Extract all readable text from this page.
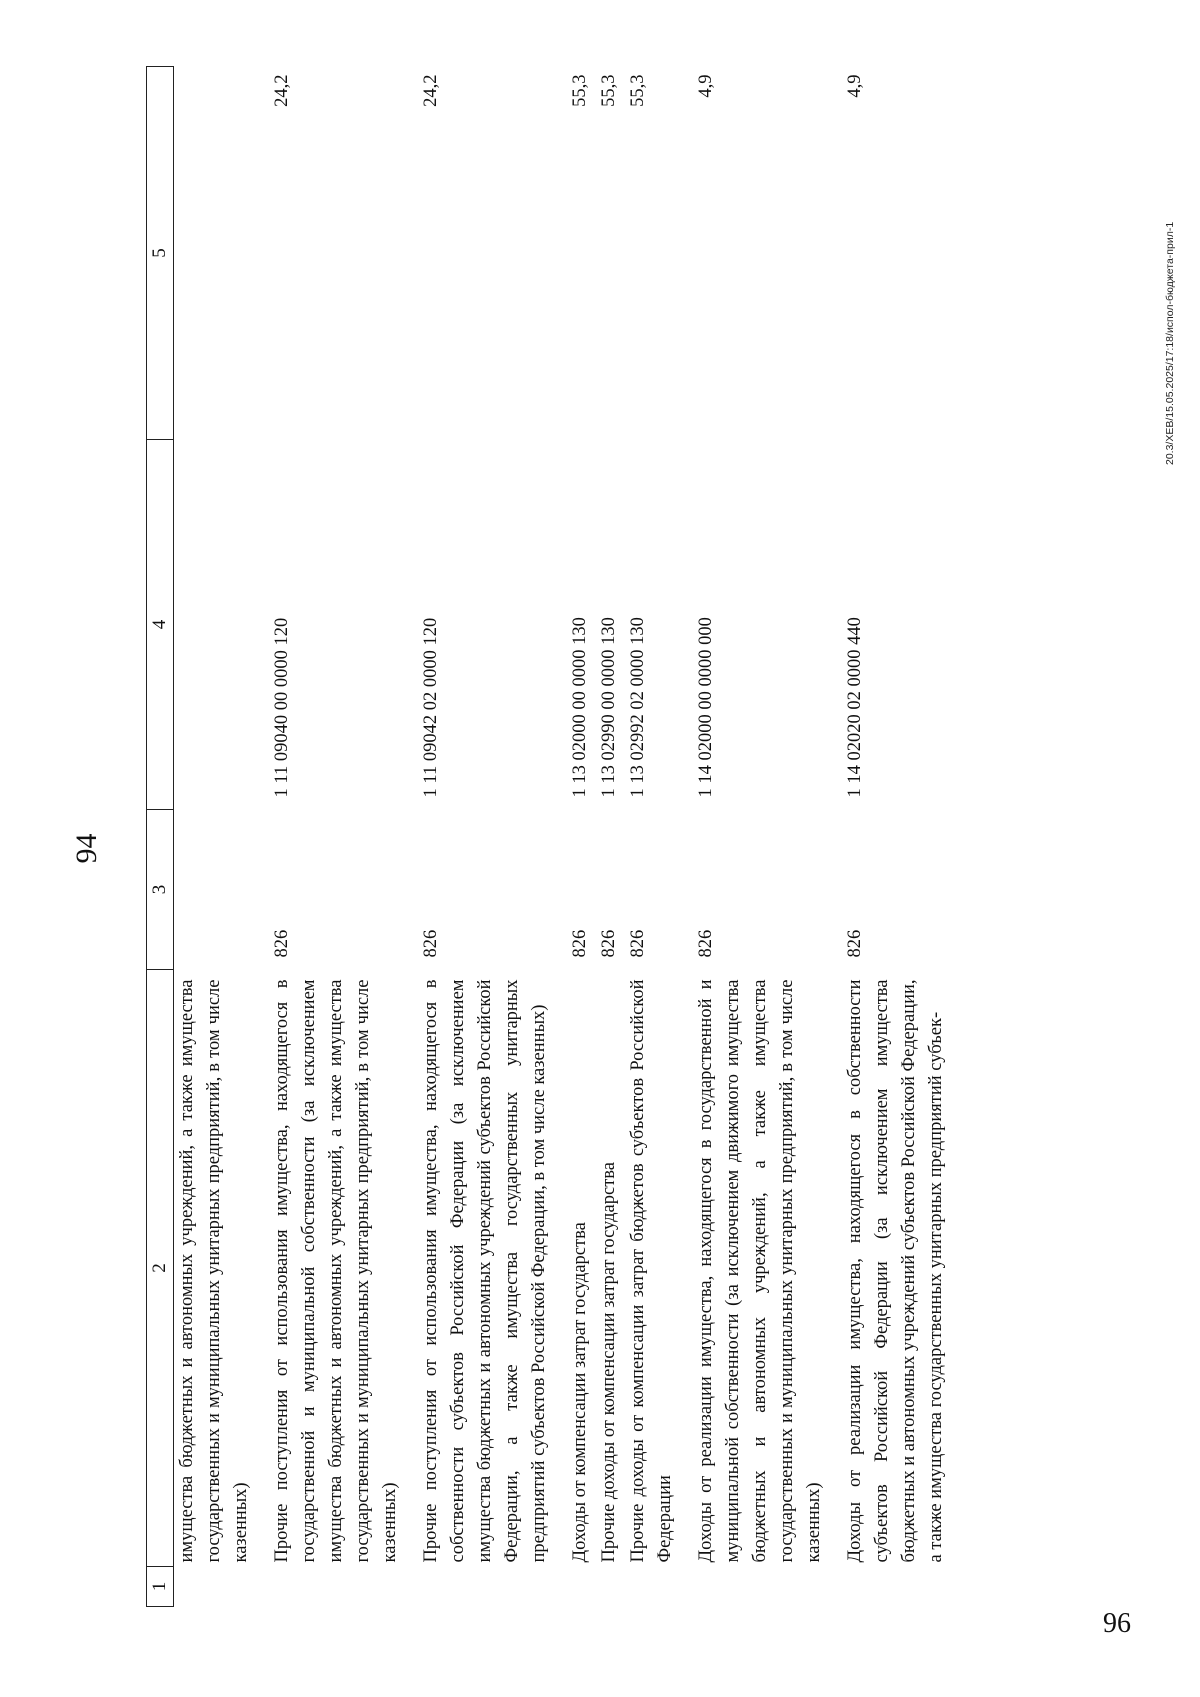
94
1	2	3	4	5
	имущества бюджетных и автономных учреждений, а также имущества государственных и муниципальных унитарных предприятий, в том числе казенных)			
	Прочие поступления от использования имущества, находящегося в государственной и муниципальной собственности (за исключением имущества бюджетных и автономных учреждений, а также имущества государственных и муниципальных унитарных предприятий, в том числе казенных)	826	1 11 09040 00 0000 120	24,2
	Прочие поступления от использования имущества, находящегося в собственности субъектов Российской Федерации (за исключением имущества бюджетных и автономных учреждений субъектов Российской Федерации, а также имущества государственных унитарных предприятий субъектов Российской Федерации, в том числе казенных)	826	1 11 09042 02 0000 120	24,2
	Доходы от компенсации затрат государства	826	1 13 02000 00 0000 130	55,3
	Прочие доходы от компенсации затрат государства	826	1 13 02990 00 0000 130	55,3
	Прочие доходы от компенсации затрат бюджетов субъектов Российской Федерации	826	1 13 02992 02 0000 130	55,3
	Доходы от реализации имущества, находящегося в государственной и муниципальной собственности (за исключением движимого имущества бюджетных и автономных учреждений, а также имущества государственных и муниципальных унитарных предприятий, в том числе казенных)	826	1 14 02000 00 0000 000	4,9
	Доходы от реализации имущества, находящегося в собственности субъектов Российской Федерации (за исключением имущества бюджетных и автономных учреждений субъектов Российской Федерации, а также имущества государственных унитарных предприятий субъек-	826	1 14 02020 02 0000 440	4,9
20.3/ХЕВ/15.05.2025/17:18/испол-бюджета-прил-1
96
